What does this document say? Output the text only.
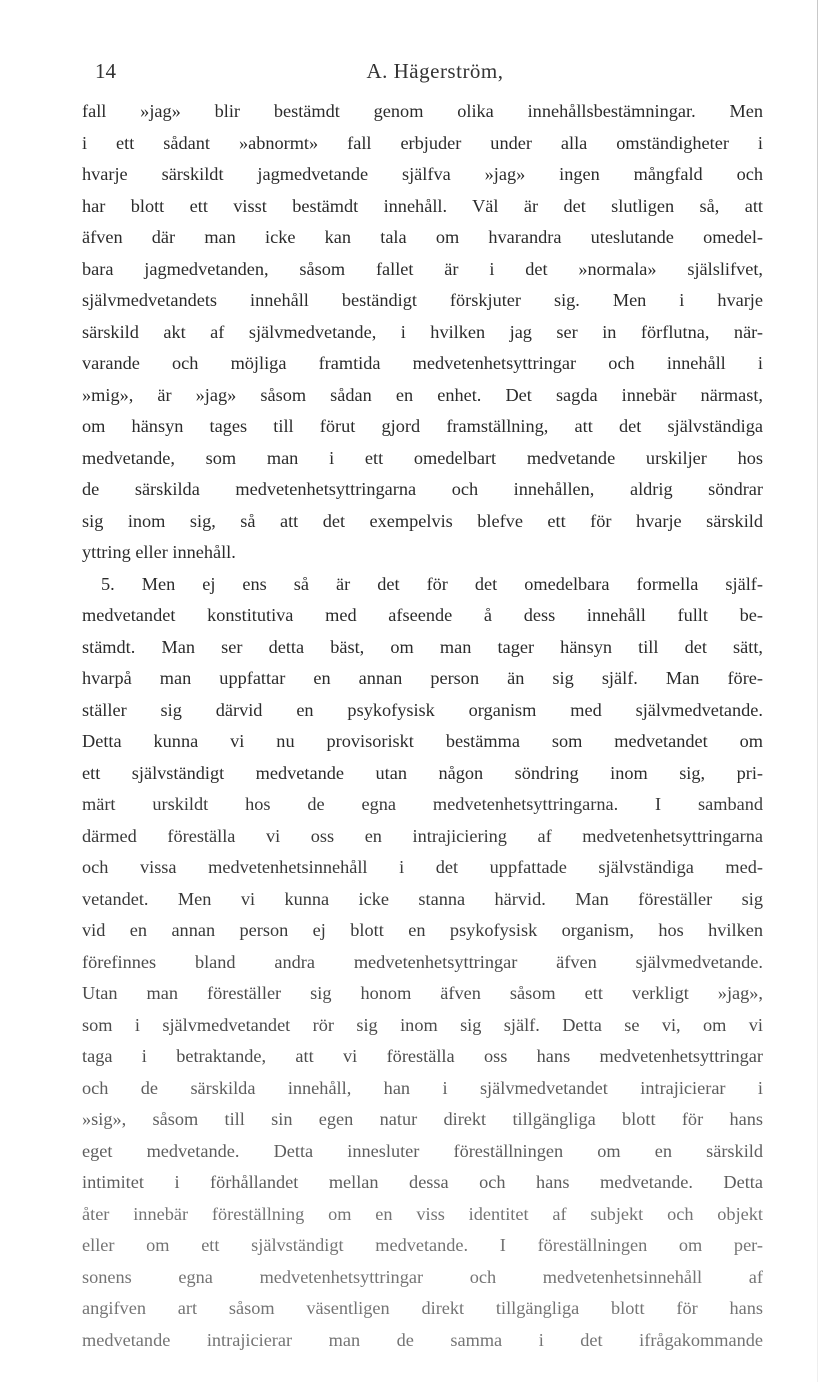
14	A. Hägerström,
fall »jag» blir bestämdt genom olika innehållsbestämningar. Men
i ett sådant »abnormt» fall erbjuder under alla omständigheter i
hvarje särskildt jagmedvetande själfva »jag» ingen mångfald och
har blott ett visst bestämdt innehåll. Väl är det slutligen så, att
äfven där man icke kan tala om hvarandra uteslutande omedel-
bara jagmedvetanden, såsom fallet är i det »normala» själslifvet,
självmedvetandets innehåll beständigt förskjuter sig. Men i hvarje
särskild akt af självmedvetande, i hvilken jag ser in förflutna, när-
varande och möjliga framtida medvetenhetsyttringar och innehåll i
»mig», är »jag» såsom sådan en enhet. Det sagda innebär närmast,
om hänsyn tages till förut gjord framställning, att det självständiga
medvetande, som man i ett omedelbart medvetande urskiljer hos
de särskilda medvetenhetsyttringarna och innehållen, aldrig söndrar
sig inom sig, så att det exempelvis blefve ett för hvarje särskild
yttring eller innehåll.
5. Men ej ens så är det för det omedelbara formella själf-
medvetandet konstitutiva med afseende å dess innehåll fullt be-
stämdt. Man ser detta bäst, om man tager hänsyn till det sätt,
hvarpå man uppfattar en annan person än sig själf. Man före-
ställer sig därvid en psykofysisk organism med självmedvetande.
Detta kunna vi nu provisoriskt bestämma som medvetandet om
ett självständigt medvetande utan någon söndring inom sig, pri-
märt urskildt hos de egna medvetenhetsyttringarna. I samband
därmed föreställa vi oss en intrajiciering af medvetenhetsyttringarna
och vissa medvetenhetsinnehåll i det uppfattade självständiga med-
vetandet. Men vi kunna icke stanna härvid. Man föreställer sig
vid en annan person ej blott en psykofysisk organism, hos hvilken
förefinnes bland andra medvetenhetsyttringar äfven självmedvetande.
Utan man föreställer sig honom äfven såsom ett verkligt »jag»,
som i självmedvetandet rör sig inom sig själf. Detta se vi, om vi
taga i betraktande, att vi föreställa oss hans medvetenhetsyttringar
och de särskilda innehåll, han i självmedvetandet intrajicierar i
»sig», såsom till sin egen natur direkt tillgängliga blott för hans
eget medvetande. Detta innesluter föreställningen om en särskild
intimitet i förhållandet mellan dessa och hans medvetande. Detta
åter innebär föreställning om en viss identitet af subjekt och objekt
eller om ett självständigt medvetande. I föreställningen om per-
sonens egna medvetenhetsyttringar och medvetenhetsinnehåll af
angifven art såsom väsentligen direkt tillgängliga blott för hans
medvetande intrajicierar man de samma i det ifrågakommande
